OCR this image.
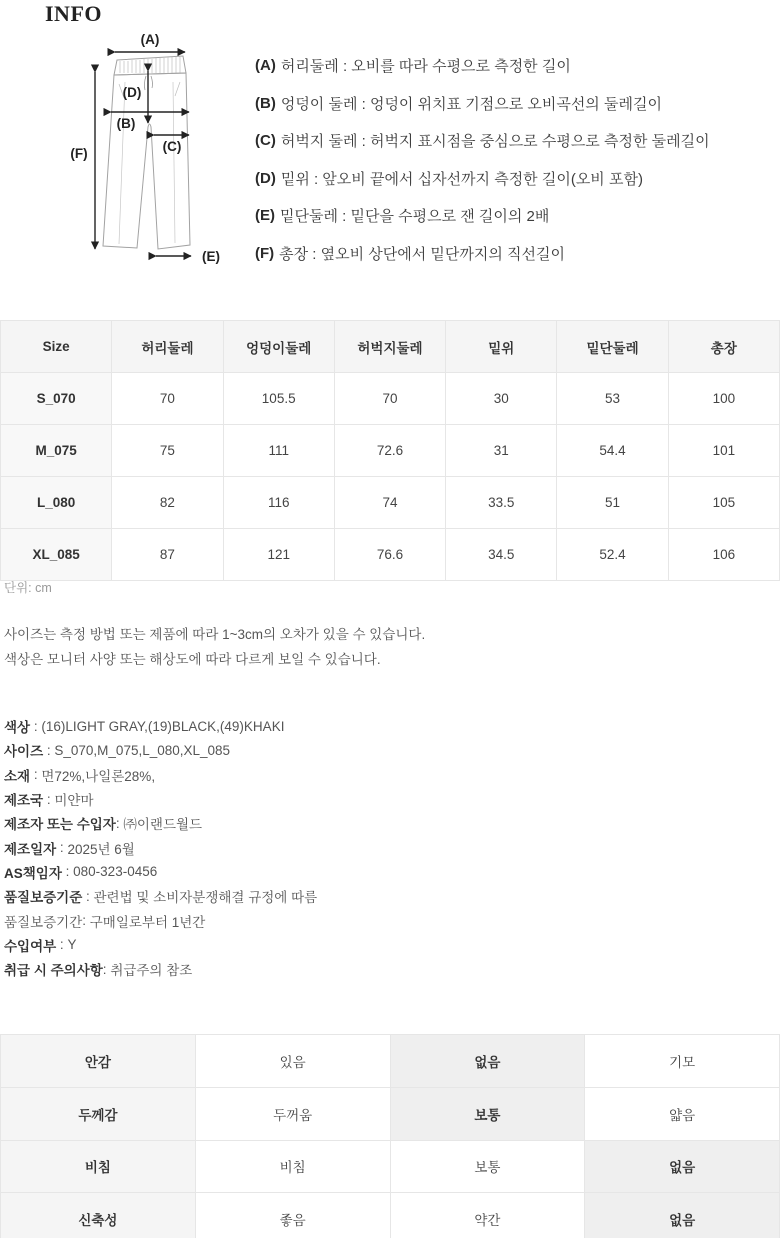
INFO
(A)
(D)
(B)
(C)
(F)
(E)
(A) 허리둘레 : 오비를 따라 수평으로 측정한 길이
(B) 엉덩이 둘레 : 엉덩이 위치표 기점으로 오비곡선의 둘레길이
(C) 허벅지 둘레 : 허벅지 표시점을 중심으로 수평으로 측정한 둘레길이
(D) 밑위 : 앞오비 끝에서 십자선까지 측정한 길이(오비 포함)
(E) 밑단둘레 : 밑단을 수평으로 잰 길이의 2배
(F) 총장 : 옆오비 상단에서 밑단까지의 직선길이
Size	허리둘레	엉덩이둘레	허벅지둘레	밑위	밑단둘레	총장
S_070	70	105.5	70	30	53	100
M_075	75	111	72.6	31	54.4	101
L_080	82	116	74	33.5	51	105
XL_085	87	121	76.6	34.5	52.4	106
단위: cm
사이즈는 측정 방법 또는 제품에 따라 1~3cm의 오차가 있을 수 있습니다.
색상은 모니터 사양 또는 해상도에 따라 다르게 보일 수 있습니다.
색상 : (16)LIGHT GRAY,(19)BLACK,(49)KHAKI
사이즈 : S_070,M_075,L_080,XL_085
소재 : 면72%,나일론28%,
제조국 : 미얀마
제조자 또는 수입자 : ㈜이랜드월드
제조일자 : 2025년 6월
AS책임자 : 080-323-0456
품질보증기준 : 관련법 및 소비자분쟁해결 규정에 따름
품질보증기간 : 구매일로부터 1년간
수입여부 : Y
취급 시 주의사항 : 취급주의 참조
안감	있음	없음	기모
두께감	두꺼움	보통	얇음
비침	비침	보통	없음
신축성	좋음	약간	없음
